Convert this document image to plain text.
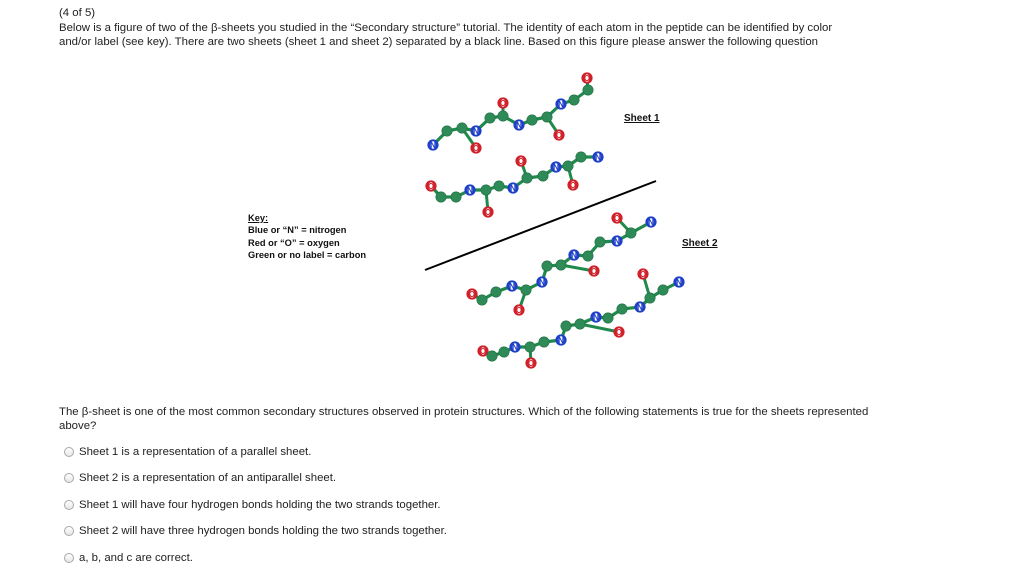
(4 of 5)
Below is a figure of two of the β-sheets you studied in the “Secondary structure” tutorial. The identity of each atom in the peptide can be identified by color
and/or label (see key). There are two sheets (sheet 1 and sheet 2) separated by a black line. Based on this figure please answer the following question
N
N
N
N
O
O
O
O
O	N	N
N
N
O
O
O
O
N	N
N
N
N
O
O
O
O	N
N
N
N
N
O
O
O
Sheet 1
Sheet 2
Key:
Blue or “N” = nitrogen
Red or “O” = oxygen
Green or no label = carbon
The β-sheet is one of the most common secondary structures observed in protein structures. Which of the following statements is true for the sheets represented above?
Sheet 1 is a representation of a parallel sheet.
Sheet 2 is a representation of an antiparallel sheet.
Sheet 1 will have four hydrogen bonds holding the two strands together.
Sheet 2 will have three hydrogen bonds holding the two strands together.
a, b, and c are correct.
